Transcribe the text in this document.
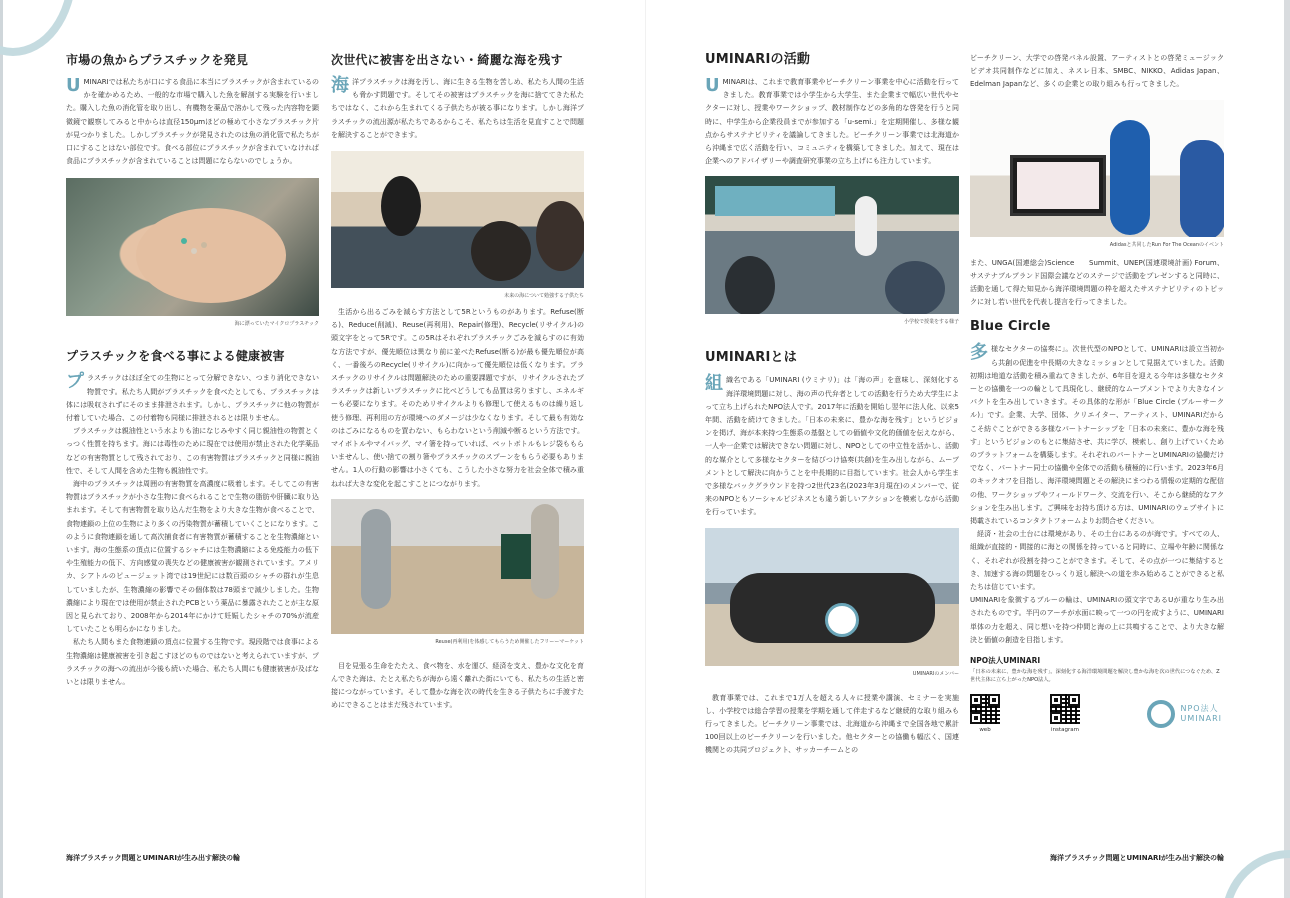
市場の魚からプラスチックを発見

UMINARIでは私たちが口にする食品に本当にプラスチックが含まれているのかを確かめるため、一般的な市場で購入した魚を解剖する実験を行いました。購入した魚の消化管を取り出し、有機物を薬品で溶かして残った内容物を顕微鏡で観察してみると中からは直径150μmほどの極めて小さなプラスチック片が見つかりました。しかしプラスチックが発見されたのは魚の消化管で私たちが口にすることはない部位です。食べる部位にプラスチックが含まれていなければ食品にプラスチックが含まれていることは問題にならないのでしょうか。

海に漂っていたマイクロプラスチック
プラスチックを食べる事による健康被害

プラスチックはほぼ全ての生物にとって分解できない、つまり消化できない物質です。私たち人間がプラスチックを食べたとしても、プラスチックは体には吸収されずにそのまま排泄されます。しかし、プラスチックに他の物質が付着していた場合、この付着物も同様に排泄されるとは限りません。

プラスチックは親油性という水よりも油になじみやすく同じ親油性の物質とくっつく性質を持ちます。海には毒性のために現在では使用が禁止された化学薬品などの有害物質として残されており、この有害物質はプラスチックと同様に親油性で、そして人間を含めた生物も親油性です。

海中のプラスチックは周囲の有害物質を高濃度に吸着します。そしてこの有害物質はプラスチックが小さな生物に食べられることで生物の脂肪や肝臓に取り込まれます。そして有害物質を取り込んだ生物をより大きな生物が食べることで、食物連鎖の上位の生物により多くの汚染物質が蓄積していくことになります。このように食物連鎖を通して高次捕食者に有害物質が蓄積することを生物濃縮といいます。海の生態系の頂点に位置するシャチには生物濃縮による免疫能力の低下や生殖能力の低下、方向感覚の喪失などの健康被害が観測されています。アメリカ、シアトルのピュージェット湾では19世紀には数百頭のシャチの群れが生息していましたが、生物濃縮の影響でその個体数は78頭まで減少しました。生物濃縮により現在では使用が禁止されたPCBという薬品に暴露されたことが主な原因と見られており、2008年から2014年にかけて妊娠したシャチの70%が流産していたことも明らかになりました。

私たち人間もまた食物連鎖の頂点に位置する生物です。現段階では食事による生物濃縮は健康被害を引き起こすほどのものではないと考えられていますが、プラスチックの海への流出が今後も続いた場合、私たち人間にも健康被害が及ばないとは限りません。

次世代に被害を出さない・綺麗な海を残す

海洋プラスチックは海を汚し、海に生きる生物を苦しめ、私たち人間の生活も脅かす問題です。そしてその被害はプラスチックを海に捨ててきた私たちではなく、これから生まれてくる子供たちが被る事になります。しかし海洋プラスチックの流出源が私たちであるからこそ、私たちは生活を見直すことで問題を解決することができます。

未来の海について勉強する子供たち

生活から出るごみを減らす方法として5Rというものがあります。Refuse(断る)、Reduce(削減)、Reuse(再利用)、Repair(修理)、Recycle(リサイクル)の頭文字をとって5Rです。この5Rはそれぞれプラスチックごみを減らすのに有効な方法ですが、優先順位は異なり前に並べたRefuse(断る)が最も優先順位が高く、一番後ろのRecycle(リサイクル)に向かって優先順位は低くなります。プラスチックのリサイクルは問題解決のための重要課題ですが、リサイクルされたプラスチックは新しいプラスチックに比べどうしても品質は劣りますし、エネルギーも必要になります。そのためリサイクルよりも修理して使えるものは繰り返し使う修理、再利用の方が環境へのダメージは少なくなります。そして最も有効なのはごみになるものを買わない、もらわないという削減や断るという方法です。マイボトルやマイバッグ、マイ箸を持っていれば、ペットボトルもレジ袋ももらいませんし、使い捨ての割り箸やプラスチックのスプーンをもらう必要もありません。1人の行動の影響は小さくても、こうした小さな努力を社会全体で積み重ねれば大きな変化を起こすことにつながります。

Reuse(再利用)を体感してもらうため開催したフリーーマーケット

目を見張る生命をたたえ、食べ物を、水を運び、経済を支え、豊かな文化を育んできた海は、たとえ私たちが海から遠く離れた街にいても、私たちの生活と密接につながっています。そして豊かな海を次の時代を生きる子供たちに手渡すためにできることはまだ残されています。

UMINARIの活動

UMINARIは、これまで教育事業やビーチクリーン事業を中心に活動を行ってきました。教育事業では小学生から大学生、また企業まで幅広い世代やセクターに対し、授業やワークショップ、教材制作などの多角的な啓発を行うと同時に、中学生から企業役員までが参加する「u-semi.」を定期開催し、多様な観点からサステナビリティを議論してきました。ビーチクリーン事業では北海道から沖縄まで広く活動を行い、コミュニティを構築してきました。加えて、現在は企業へのアドバイザリーや調査研究事業の立ち上げにも注力しています。

小学校で授業をする様子
UMINARIとは

組織名である「UMINARI (ウミナリ)」は「海の声」を意味し、深刻化する海洋環境問題に対し、海の声の代弁者としての活動を行うため大学生によって立ち上げられたNPO法人です。2017年に活動を開始し翌年に法人化、以来5年間、活動を続けてきました。「日本の未来に、豊かな海を残す」というビジョンを掲げ、海が本来持つ生態系の基盤としての価値や文化的価値を伝えながら、一人や一企業では解決できない問題に対し、NPOとしての中立性を活かし、活動的な媒介として多様なセクターを結びつけ協奏(共創)を生み出しながら、ムーブメントとして解決に向かうことを中長期的に目指しています。社会人から学生まで多様なバックグラウンドを持つ2世代23名(2023年3月現在)のメンバーで、従来のNPOともソーシャルビジネスとも違う新しいアクションを模索しながら活動を行っています。

UMINARIのメンバー

教育事業では、これまで1万人を超える人々に授業や講演、セミナーを実施し、小学校では総合学習の授業を学期を通して伴走するなど継続的な取り組みも行ってきました。ビーチクリーン事業では、北海道から沖縄まで全国各地で累計100回以上のビーチクリーンを行いました。他セクターとの協働も幅広く、国連機関との共同プロジェクト、サッカーチームとの

ビーチクリーン、大学での啓発パネル設置、アーティストとの啓発ミュージックビデオ共同制作などに加え、ネスレ日本、SMBC、NIKKO、Adidas Japan、Edelman Japanなど、多くの企業との取り組みも行ってきました。

Adidasと共同したRun For The Oceanのイベント

また、UNGA(国連総会)Science　　Summit、UNEP(国連環境計画) Forum、サステナブルブランド国際会議などのステージで活動をプレゼンすると同時に、活動を通して得た知見から海洋環境問題の枠を超えたサステナビリティのトピックに対し若い世代を代表し提言を行ってきました。

Blue Circle

多様なセクターの協奏に」。次世代型のNPOとして、UMINARIは設立当初から共創の促進を中長期の大きなミッションとして見据えていました。活動初期は地道な活動を積み重ねてきましたが、6年目を迎える今年は多様なセクターとの協働を一つの輪として具現化し、継続的なムーブメントでより大きなインパクトを生み出していきます。その具体的な形が「Blue Circle (ブルーサークル)」です。企業、大学、団体、クリエイター、アーティスト、UMINARIだからこそ紡ぐことができる多様なパートナーシップを「日本の未来に、豊かな海を残す」というビジョンのもとに集結させ、共に学び、模索し、創り上げていくためのプラットフォームを構築します。それぞれのパートナーとUMINARIの協働だけでなく、パートナー同士の協働や全体での活動も積極的に行います。2023年6月のキックオフを目指し、海洋環境問題とその解決にまつわる情報の定期的な配信の他、ワークショップやフィールドワーク、交流を行い、そこから継続的なアクションを生み出します。ご興味をお持ち頂ける方は、UMINARIのウェブサイトに掲載されているコンタクトフォームよりお問合せください。

経済・社会の土台には環境があり、その土台にあるのが海です。すべての人、組織が直接的・間接的に海との関係を持っていると同時に、立場や年齢に関係なく、それぞれが役割を持つことができます。そして、その点が一つに集結するとき、加速する海の問題をひっくり返し解決への道を歩み始めることができると私たちは信じています。

UMINARIを象徴するブルーの輪は、UMINARIの頭文字であるUが重なり生み出されたものです。半円のアーチが水面に映って一つの円を成すように、UMINARI単体の力を超え、同じ想いを持つ仲間と海の上に共鳴することで、より大きな解決と価値の創造を目指します。

NPO法人UMINARI

「日本の未来に、豊かな海を残す」。深刻化する海洋環境問題を解決し豊かな海を次の世代につなぐため、Z世代主体に立ち上がったNPO法人。

web	instagram
NPO法人
UMINARI
海洋プラスチック問題とUMINARIが生み出す解決の輪	海洋プラスチック問題とUMINARIが生み出す解決の輪
